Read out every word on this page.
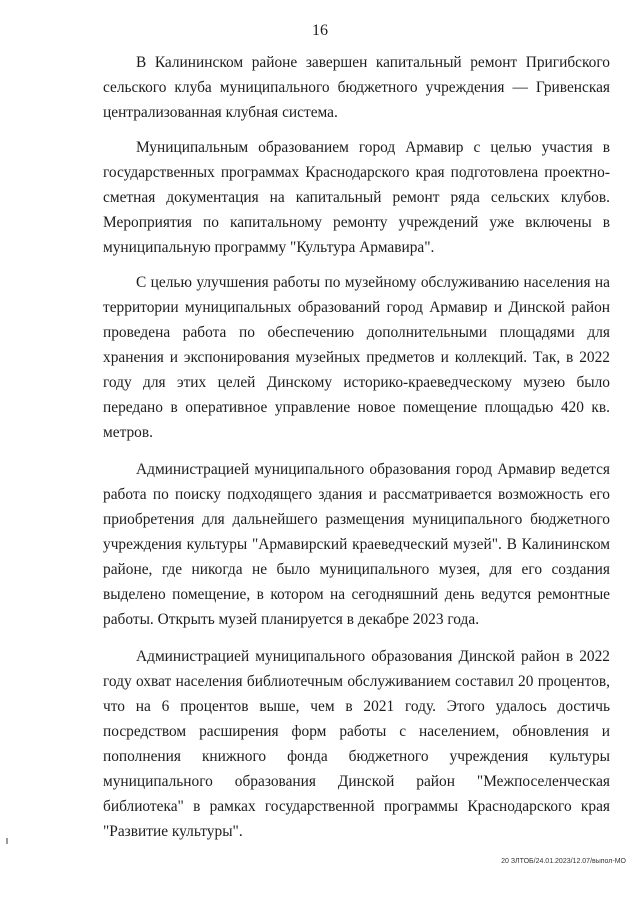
16

В Калининском районе завершен капитальный ремонт Пригибского сельского клуба муниципального бюджетного учреждения — Гривенская централизованная клубная система.

Муниципальным образованием город Армавир с целью участия в государственных программах Краснодарского края подготовлена проектно-сметная документация на капитальный ремонт ряда сельских клубов. Мероприятия по капитальному ремонту учреждений уже включены в муниципальную программу "Культура Армавира".

С целью улучшения работы по музейному обслуживанию населения на территории муниципальных образований город Армавир и Динской район проведена работа по обеспечению дополнительными площадями для хранения и экспонирования музейных предметов и коллекций. Так, в 2022 году для этих целей Динскому историко-краеведческому музею было передано в оперативное управление новое помещение площадью 420 кв. метров.

Администрацией муниципального образования город Армавир ведется работа по поиску подходящего здания и рассматривается возможность его приобретения для дальнейшего размещения муниципального бюджетного учреждения культуры "Армавирский краеведческий музей". В Калининском районе, где никогда не было муниципального музея, для его создания выделено помещение, в котором на сегодняшний день ведутся ремонтные работы. Открыть музей планируется в декабре 2023 года.

Администрацией муниципального образования Динской район в 2022 году охват населения библиотечным обслуживанием составил 20 процентов, что на 6 процентов выше, чем в 2021 году. Этого удалось достичь посредством расширения форм работы с населением, обновления и пополнения книжного фонда бюджетного учреждения культуры муниципального образования Динской район "Межпоселенческая библиотека" в рамках государственной программы Краснодарского края "Развитие культуры".

20 ЗЛТОБ/24.01.2023/12.07/выпол-МО
